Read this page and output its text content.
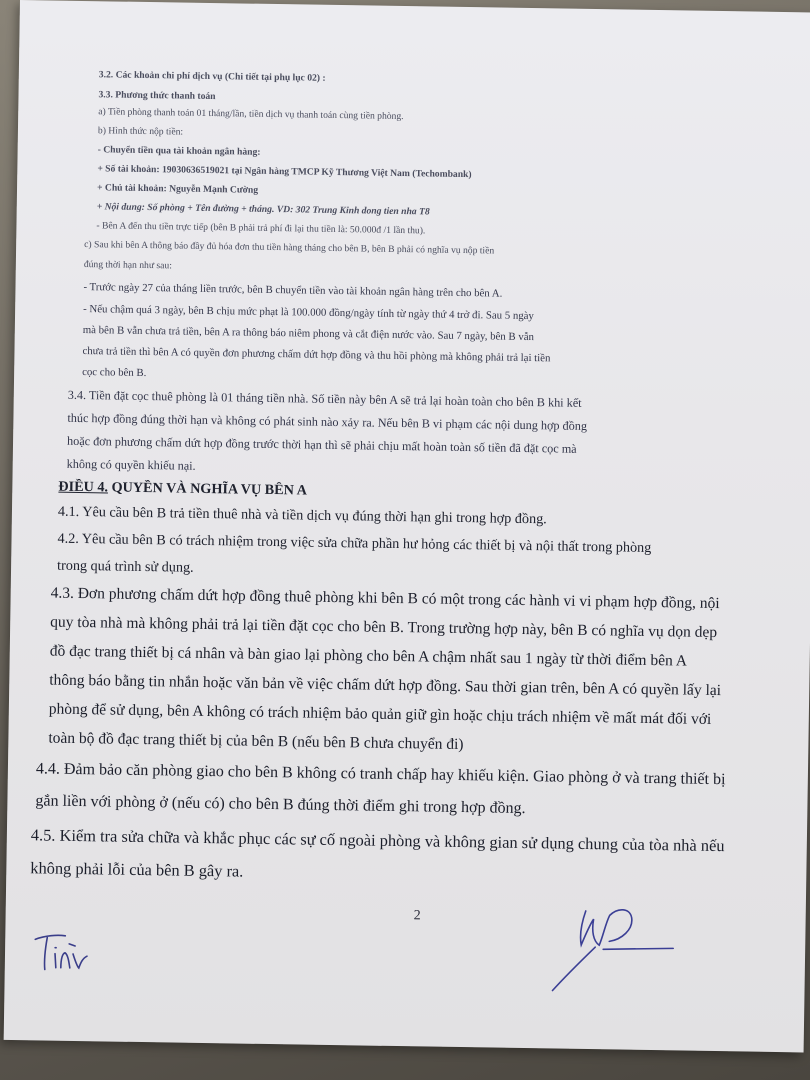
3.2. Các khoản chi phí dịch vụ (Chi tiết tại phụ lục 02) :
3.3. Phương thức thanh toán
a) Tiền phòng thanh toán 01 tháng/lần, tiền dịch vụ thanh toán cùng tiền phòng.
b) Hình thức nộp tiền:
- Chuyển tiền qua tài khoản ngân hàng:
+ Số tài khoản: 19030636519021 tại Ngân hàng TMCP Kỹ Thương Việt Nam (Techombank)
+ Chủ tài khoản: Nguyễn Mạnh Cường
+ Nội dung: Số phòng + Tên đường + tháng. VD: 302 Trung Kinh dong tien nha T8
- Bên A đến thu tiền trực tiếp (bên B phải trả phí đi lại thu tiền là: 50.000đ /1 lần thu).
c) Sau khi bên A thông báo đầy đủ hóa đơn thu tiền hàng tháng cho bên B, bên B phải có nghĩa vụ nộp tiền
đúng thời hạn như sau:
- Trước ngày 27 của tháng liền trước, bên B chuyển tiền vào tài khoản ngân hàng trên cho bên A.
- Nếu chậm quá 3 ngày, bên B chịu mức phạt là 100.000 đồng/ngày tính từ ngày thứ 4 trở đi. Sau 5 ngày
mà bên B vẫn chưa trả tiền, bên A ra thông báo niêm phong và cắt điện nước vào. Sau 7 ngày, bên B vẫn
chưa trả tiền thì bên A có quyền đơn phương chấm dứt hợp đồng và thu hồi phòng mà không phải trả lại tiền
cọc cho bên B.
3.4. Tiền đặt cọc thuê phòng là 01 tháng tiền nhà. Số tiền này bên A sẽ trả lại hoàn toàn cho bên B khi kết
thúc hợp đồng đúng thời hạn và không có phát sinh nào xảy ra. Nếu bên B vi phạm các nội dung hợp đồng
hoặc đơn phương chấm dứt hợp đồng trước thời hạn thì sẽ phải chịu mất hoàn toàn số tiền đã đặt cọc mà
không có quyền khiếu nại.
ĐIỀU 4. QUYỀN VÀ NGHĨA VỤ BÊN A
4.1. Yêu cầu bên B trả tiền thuê nhà và tiền dịch vụ đúng thời hạn ghi trong hợp đồng.
4.2. Yêu cầu bên B có trách nhiệm trong việc sửa chữa phần hư hỏng các thiết bị và nội thất trong phòng
trong quá trình sử dụng.
4.3. Đơn phương chấm dứt hợp đồng thuê phòng khi bên B có một trong các hành vi vi phạm hợp đồng, nội
quy tòa nhà mà không phải trả lại tiền đặt cọc cho bên B. Trong trường hợp này, bên B có nghĩa vụ dọn dẹp
đồ đạc trang thiết bị cá nhân và bàn giao lại phòng cho bên A chậm nhất sau 1 ngày từ thời điểm bên A
thông báo bằng tin nhắn hoặc văn bản về việc chấm dứt hợp đồng. Sau thời gian trên, bên A có quyền lấy lại
phòng để sử dụng, bên A không có trách nhiệm bảo quản giữ gìn hoặc chịu trách nhiệm về mất mát đối với
toàn bộ đồ đạc trang thiết bị của bên B (nếu bên B chưa chuyển đi)
4.4. Đảm bảo căn phòng giao cho bên B không có tranh chấp hay khiếu kiện. Giao phòng ở và trang thiết bị
gắn liền với phòng ở (nếu có) cho bên B đúng thời điểm ghi trong hợp đồng.
4.5. Kiểm tra sửa chữa và khắc phục các sự cố ngoài phòng và không gian sử dụng chung của tòa nhà nếu
không phải lỗi của bên B gây ra.
2
